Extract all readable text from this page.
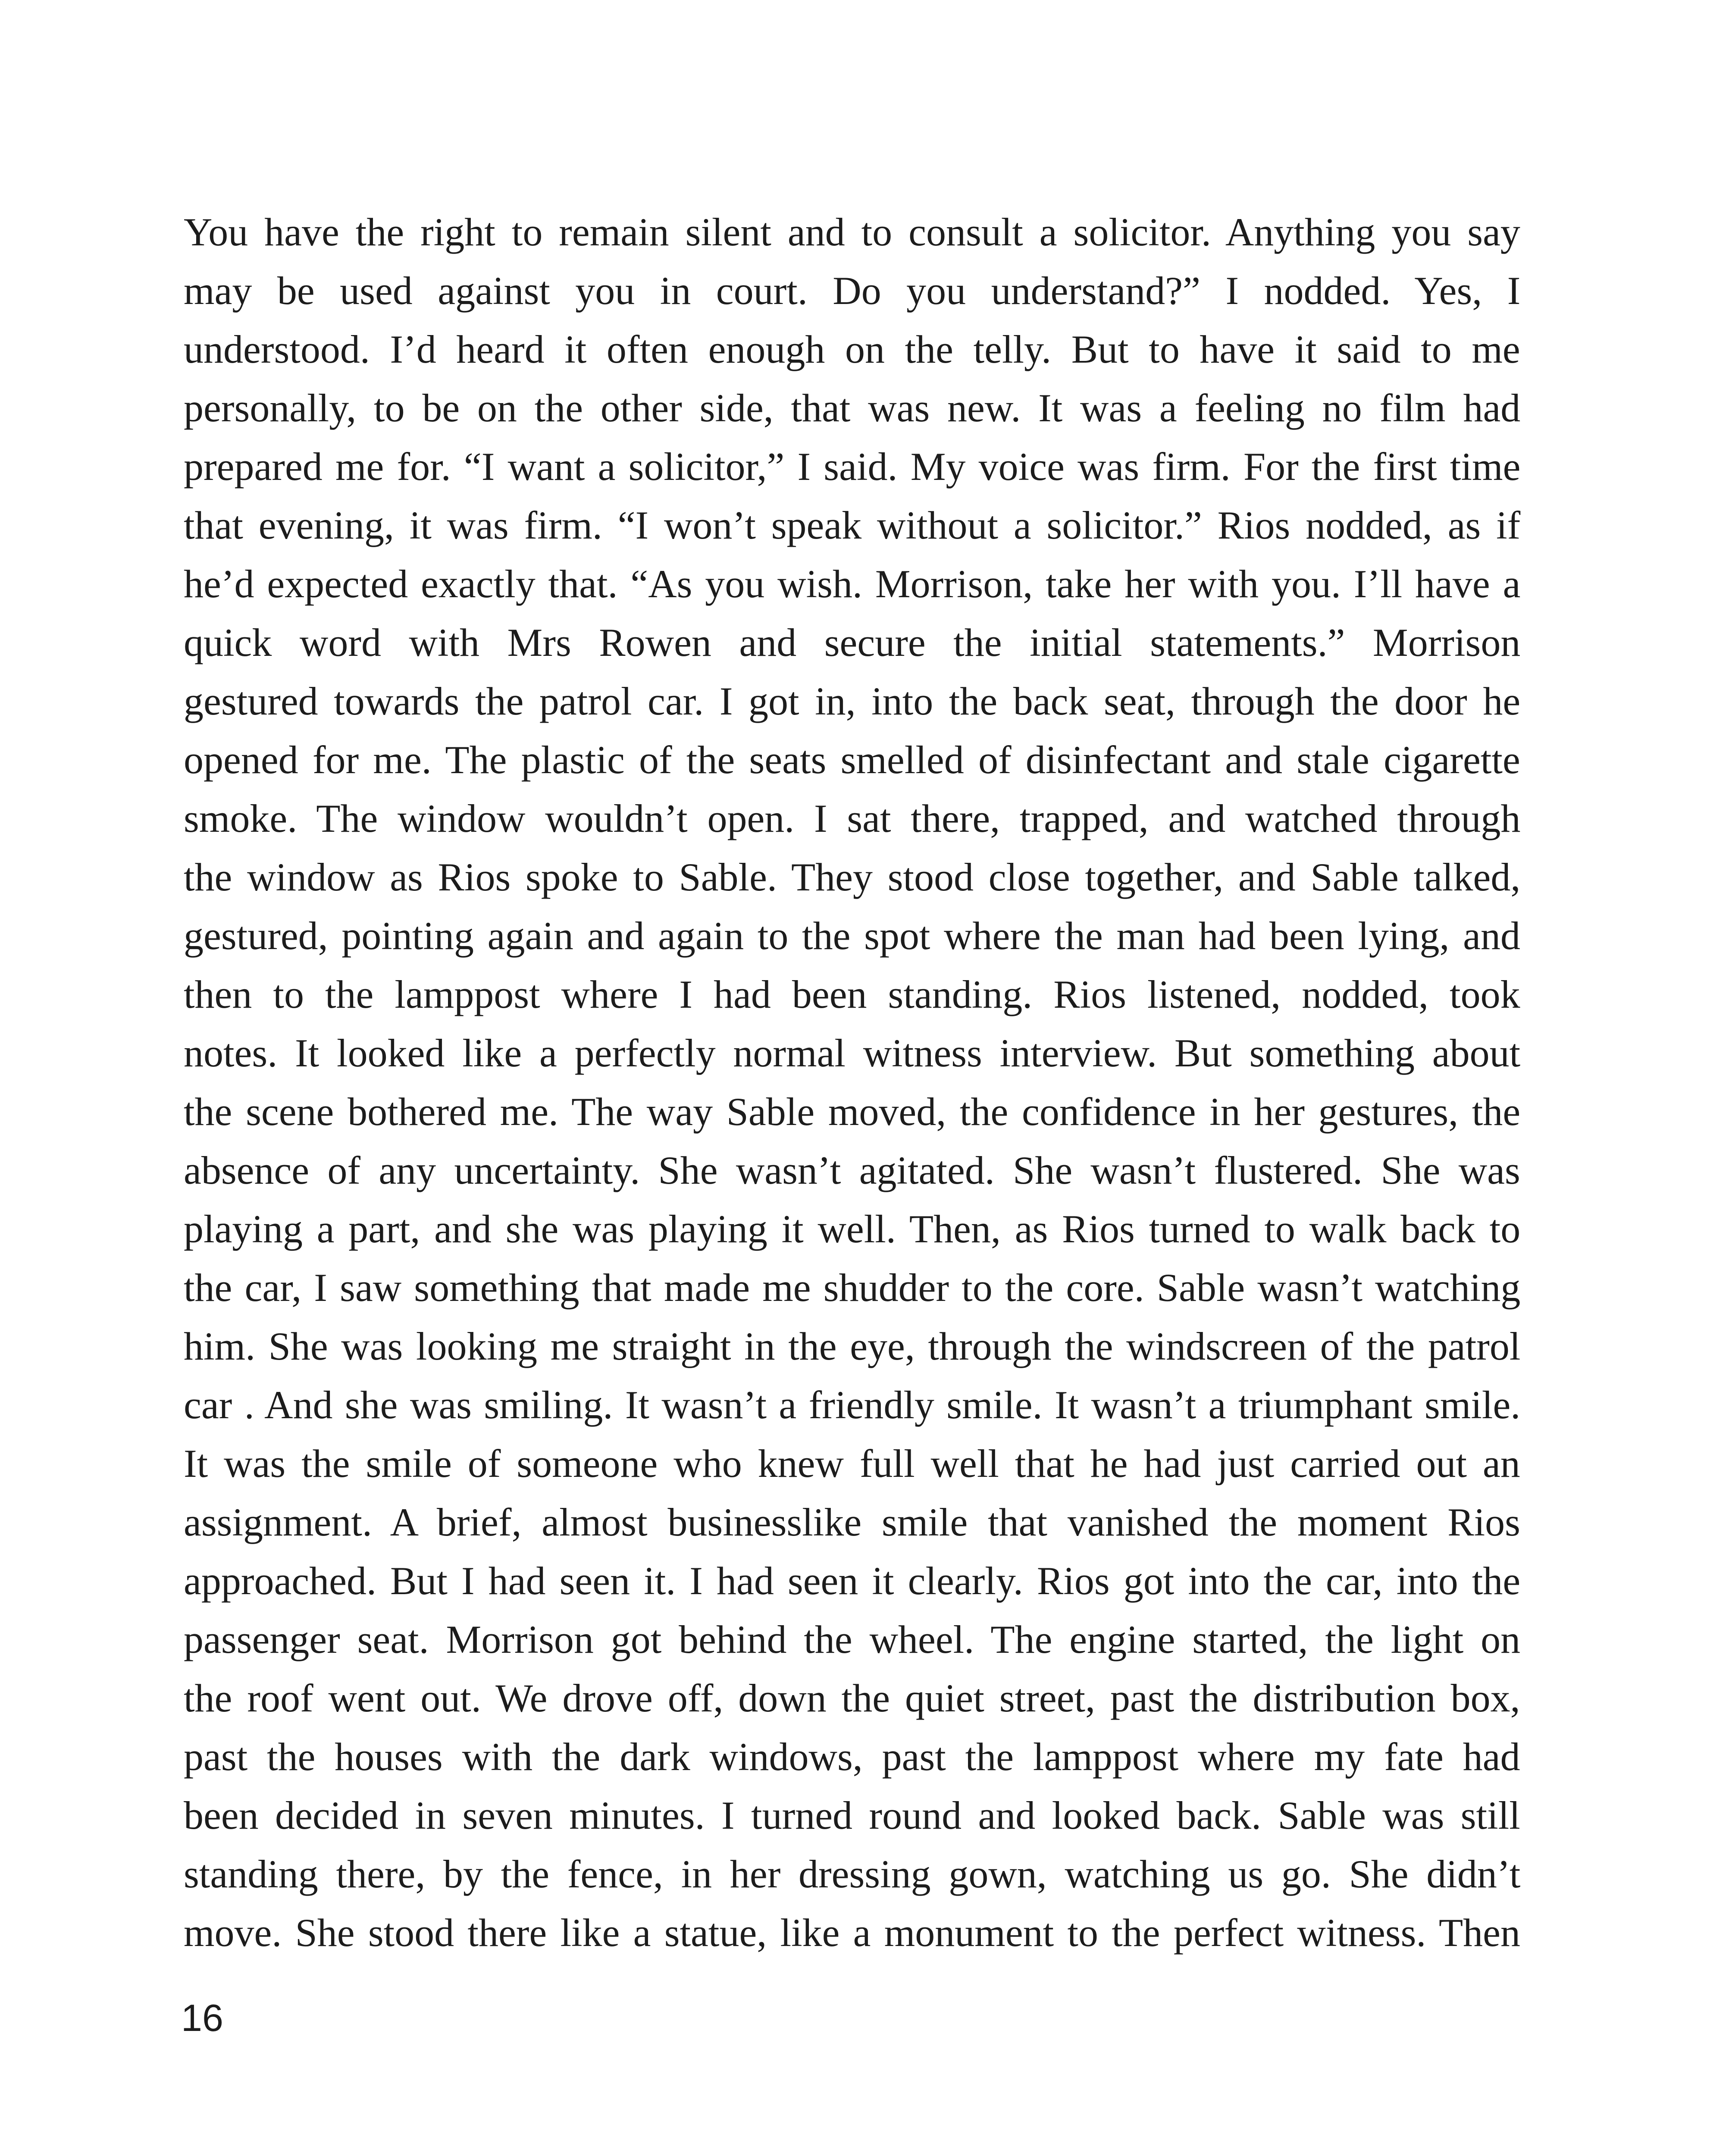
You have the right to remain silent and to consult a solicitor. Anything you say
may be used against you in court. Do you understand?” I nodded. Yes, I
understood. I’d heard it often enough on the telly. But to have it said to me
personally, to be on the other side, that was new. It was a feeling no film had
prepared me for. “I want a solicitor,” I said. My voice was firm. For the first time
that evening, it was firm. “I won’t speak without a solicitor.” Rios nodded, as if
he’d expected exactly that. “As you wish. Morrison, take her with you. I’ll have a
quick word with Mrs Rowen and secure the initial statements.” Morrison
gestured towards the patrol car. I got in, into the back seat, through the door he
opened for me. The plastic of the seats smelled of disinfectant and stale cigarette
smoke. The window wouldn’t open. I sat there, trapped, and watched through
the window as Rios spoke to Sable. They stood close together, and Sable talked,
gestured, pointing again and again to the spot where the man had been lying, and
then to the lamppost where I had been standing. Rios listened, nodded, took
notes. It looked like a perfectly normal witness interview. But something about
the scene bothered me. The way Sable moved, the confidence in her gestures, the
absence of any uncertainty. She wasn’t agitated. She wasn’t flustered. She was
playing a part, and she was playing it well. Then, as Rios turned to walk back to
the car, I saw something that made me shudder to the core. Sable wasn’t watching
him. She was looking me straight in the eye, through the windscreen of the patrol
car . And she was smiling. It wasn’t a friendly smile. It wasn’t a triumphant smile.
It was the smile of someone who knew full well that he had just carried out an
assignment. A brief, almost businesslike smile that vanished the moment Rios
approached. But I had seen it. I had seen it clearly. Rios got into the car, into the
passenger seat. Morrison got behind the wheel. The engine started, the light on
the roof went out. We drove off, down the quiet street, past the distribution box,
past the houses with the dark windows, past the lamppost where my fate had
been decided in seven minutes. I turned round and looked back. Sable was still
standing there, by the fence, in her dressing gown, watching us go. She didn’t
move. She stood there like a statue, like a monument to the perfect witness. Then

16
